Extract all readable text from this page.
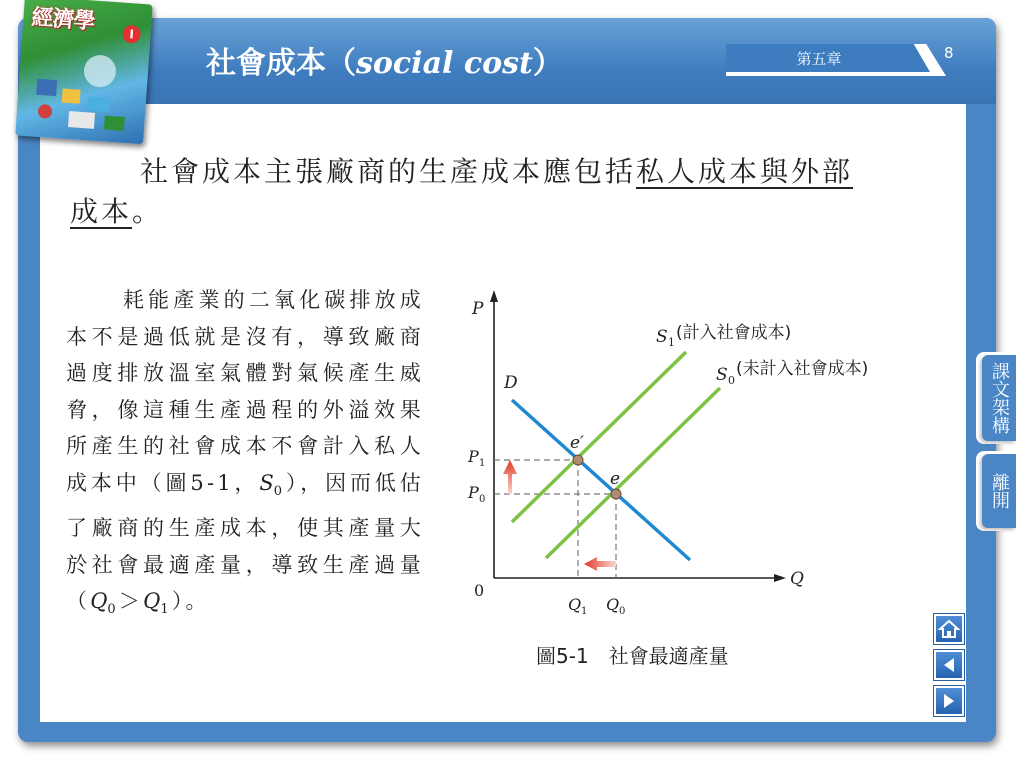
經濟學	I
社會成本（social cost）	第五章	8
社會成本主張廠商的生產成本應包括私人成本與外部
成本。
耗能產業的二氧化碳排放成本不是過低就是沒有，導致廠商過度排放溫室氣體對氣候產生威脅，像這種生產過程的外溢效果所產生的社會成本不會計入私人成本中（圖5-1，$S_0$），因而低估了廠商的生產成本，使其產量大於社會最適產量，導致生產過量$(Q_0>Q_1)$。
P
Q
0
D
S 1 (計入社會成本)
S 0
(未計入社會成本)
e′
e
P 1
P 0
Q 1 Q 0
圖5-1　社會最適產量
課文架構
離開
